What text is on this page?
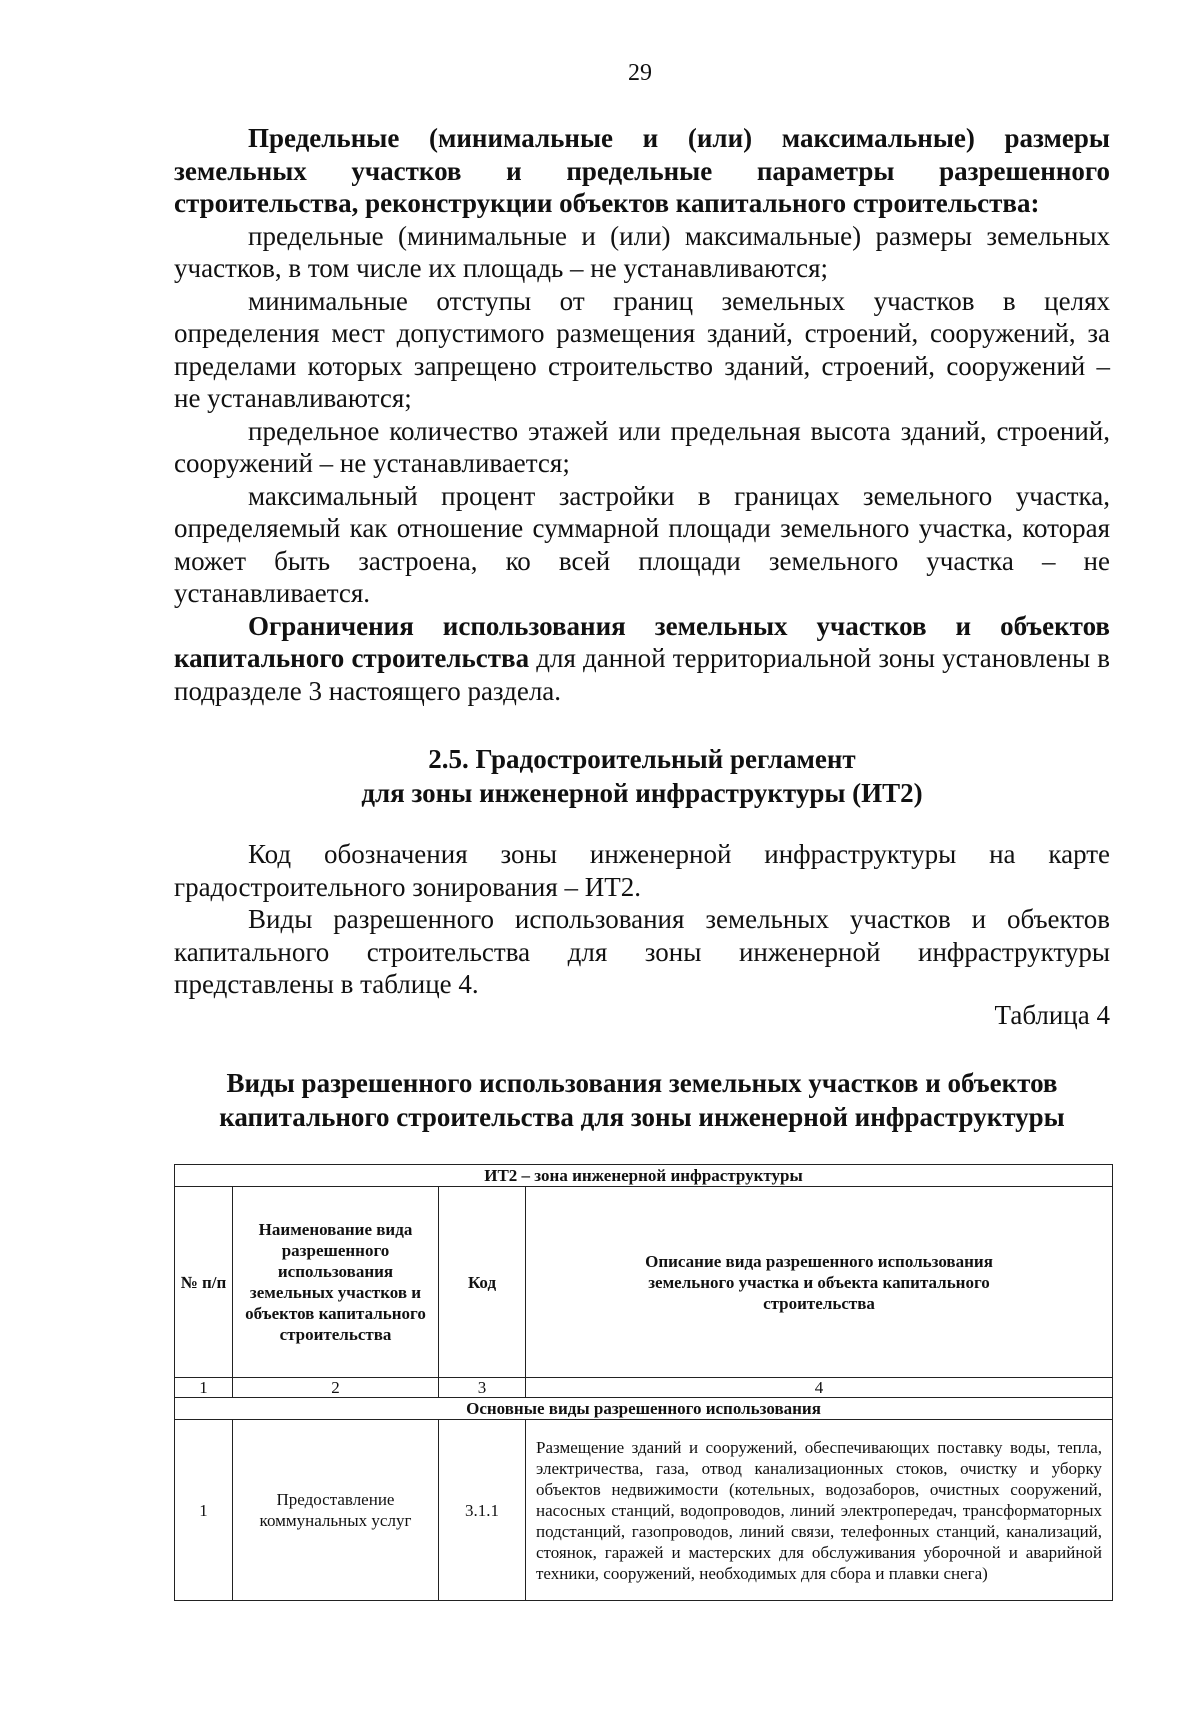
29
Предельные (минимальные и (или) максимальные) размеры земельных участков и предельные параметры разрешенного строительства, реконструкции объектов капитального строительства:
предельные (минимальные и (или) максимальные) размеры земельных участков, в том числе их площадь – не устанавливаются;
минимальные отступы от границ земельных участков в целях определения мест допустимого размещения зданий, строений, сооружений, за пределами которых запрещено строительство зданий, строений, сооружений – не устанавливаются;
предельное количество этажей или предельная высота зданий, строений, сооружений – не устанавливается;
максимальный процент застройки в границах земельного участка, определяемый как отношение суммарной площади земельного участка, которая может быть застроена, ко всей площади земельного участка – не устанавливается.
Ограничения использования земельных участков и объектов капитального строительства для данной территориальной зоны установлены в подразделе 3 настоящего раздела.
2.5. Градостроительный регламент
для зоны инженерной инфраструктуры (ИТ2)
Код обозначения зоны инженерной инфраструктуры на карте градостроительного зонирования – ИТ2.
Виды разрешенного использования земельных участков и объектов капитального строительства для зоны инженерной инфраструктуры представлены в таблице 4.
Таблица 4
Виды разрешенного использования земельных участков и объектов
капитального строительства для зоны инженерной инфраструктуры
ИТ2 – зона инженерной инфраструктуры			
№ п/п	Наименование вида разрешенного использования земельных участков и объектов капитального строительства	Код	Описание вида разрешенного использования земельного участка и объекта капитального строительства

1	2	3	4
Основные виды разрешенного использования			
1	Предоставление коммунальных услуг	3.1.1	Размещение зданий и сооружений, обеспечивающих поставку воды, тепла, электричества, газа, отвод канализационных стоков, очистку и уборку объектов недвижимости (котельных, водозаборов, очистных сооружений, насосных станций, водопроводов, линий электропередач, трансформаторных подстанций, газопроводов, линий связи, телефонных станций, канализаций, стоянок, гаражей и мастерских для обслуживания уборочной и аварийной техники, сооружений, необходимых для сбора и плавки снега)
